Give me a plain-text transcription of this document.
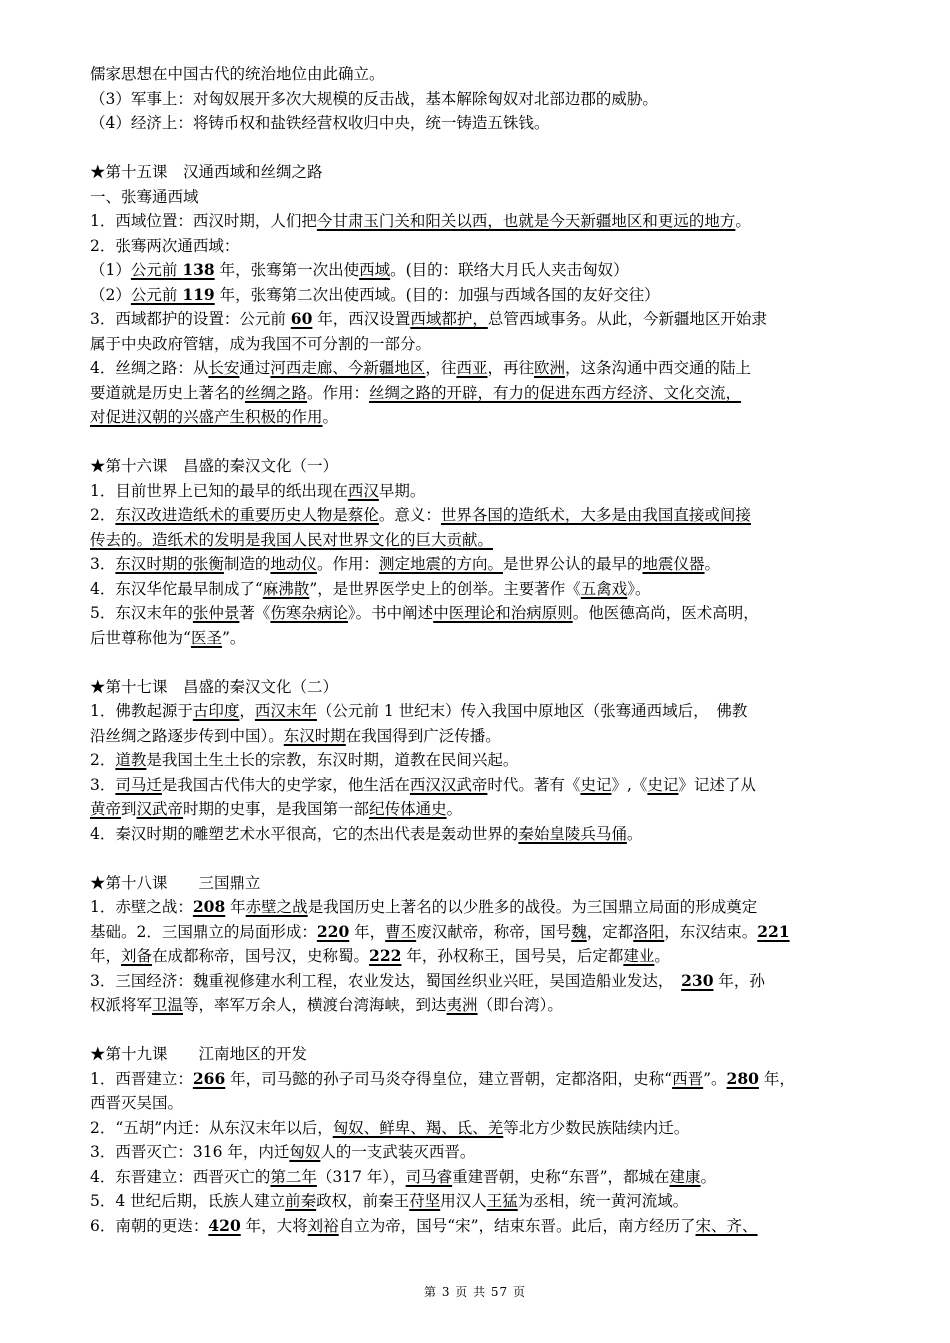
儒家思想在中国古代的统治地位由此确立。
（3）军事上：对匈奴展开多次大规模的反击战，基本解除匈奴对北部边郡的威胁。
（4）经济上：将铸币权和盐铁经营权收归中央，统一铸造五铢钱。
★第十五课　汉通西域和丝绸之路
一、张骞通西域
1．西域位置：西汉时期，人们把今甘肃玉门关和阳关以西，也就是今天新疆地区和更远的地方。
2．张骞两次通西域：
（1）公元前 138 年，张骞第一次出使西域。(目的：联络大月氏人夹击匈奴）
（2）公元前 119 年，张骞第二次出使西域。(目的：加强与西域各国的友好交往）
3．西域都护的设置：公元前 60 年，西汉设置西域都护，总管西域事务。从此，今新疆地区开始隶
属于中央政府管辖，成为我国不可分割的一部分。
4．丝绸之路：从长安通过河西走廊、今新疆地区，往西亚，再往欧洲，这条沟通中西交通的陆上
要道就是历史上著名的丝绸之路。作用：丝绸之路的开辟，有力的促进东西方经济、文化交流，
对促进汉朝的兴盛产生积极的作用。
★第十六课　昌盛的秦汉文化（一）
1．目前世界上已知的最早的纸出现在西汉早期。
2．东汉改进造纸术的重要历史人物是蔡伦。意义：世界各国的造纸术，大多是由我国直接或间接
传去的。造纸术的发明是我国人民对世界文化的巨大贡献。
3．东汉时期的张衡制造的地动仪。作用：测定地震的方向。是世界公认的最早的地震仪器。
4．东汉华佗最早制成了“麻沸散”，是世界医学史上的创举。主要著作《五禽戏》。
5．东汉末年的张仲景著《伤寒杂病论》。书中阐述中医理论和治病原则。他医德高尚，医术高明，
后世尊称他为“医圣”。
★第十七课　昌盛的秦汉文化（二）
1．佛教起源于古印度，西汉末年（公元前 1 世纪末）传入我国中原地区（张骞通西域后，　佛教
沿丝绸之路逐步传到中国）。东汉时期在我国得到广泛传播。
2．道教是我国土生土长的宗教，东汉时期，道教在民间兴起。
3．司马迁是我国古代伟大的史学家，他生活在西汉汉武帝时代。著有《史记》,《史记》记述了从
黄帝到汉武帝时期的史事，是我国第一部纪传体通史。
4．秦汉时期的雕塑艺术水平很高，它的杰出代表是轰动世界的秦始皇陵兵马俑。
★第十八课　　三国鼎立
1．赤壁之战：208 年赤壁之战是我国历史上著名的以少胜多的战役。为三国鼎立局面的形成奠定
基础。2．三国鼎立的局面形成：220 年，曹丕废汉献帝，称帝，国号魏，定都洛阳，东汉结束。221
年，刘备在成都称帝，国号汉，史称蜀。222 年，孙权称王，国号吴，后定都建业。
3．三国经济：魏重视修建水利工程，农业发达，蜀国丝织业兴旺，吴国造船业发达，　230 年，孙
权派将军卫温等，率军万余人，横渡台湾海峡，到达夷洲（即台湾）。
★第十九课　　江南地区的开发
1．西晋建立：266 年，司马懿的孙子司马炎夺得皇位，建立晋朝，定都洛阳，史称“西晋”。280 年，
西晋灭吴国。
2．“五胡”内迁：从东汉末年以后，匈奴、鲜卑、羯、氐、羌等北方少数民族陆续内迁。
3．西晋灭亡：316 年，内迁匈奴人的一支武装灭西晋。
4．东晋建立：西晋灭亡的第二年（317 年），司马睿重建晋朝，史称“东晋”，都城在建康。
5．4 世纪后期，氐族人建立前秦政权，前秦王苻坚用汉人王猛为丞相，统一黄河流域。
6．南朝的更迭：420 年，大将刘裕自立为帝，国号“宋”，结束东晋。此后，南方经历了宋、齐、
第 3 页 共 57 页
